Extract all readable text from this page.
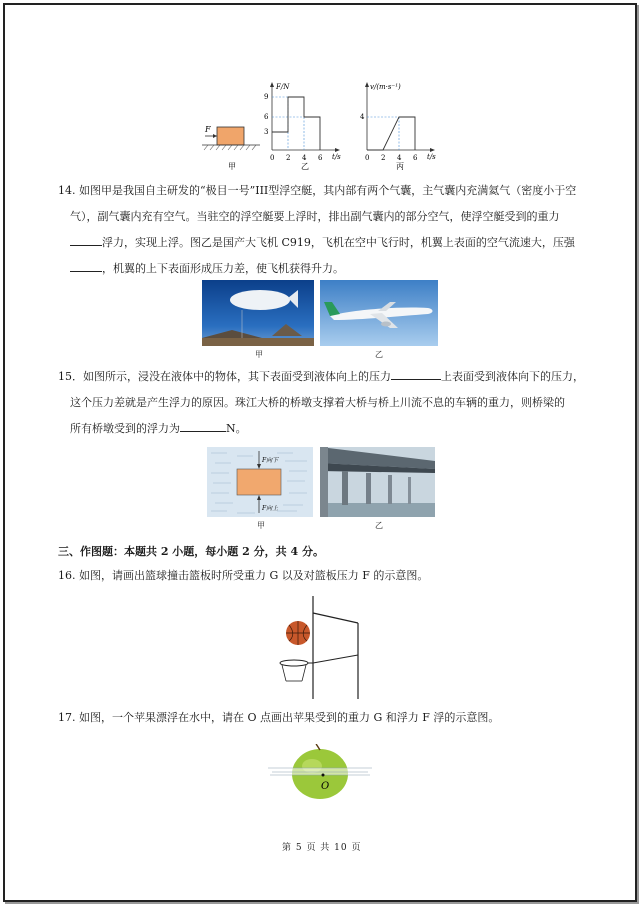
F
F/N
t/s
9
6
3
0 2 4 6
v/(m·s⁻¹)
t/s
4
0 2 4 6
甲	乙	丙
14. 如图甲是我国自主研发的“极目一号”III型浮空艇，其内部有两个气囊，主气囊内充满氦气（密度小于空
气），副气囊内充有空气。当驻空的浮空艇要上浮时，排出副气囊内的部分空气，使浮空艇受到的重力
浮力，实现上浮。图乙是国产大飞机 C919，飞机在空中飞行时，机翼上表面的空气流速大，压强
，机翼的上下表面形成压力差，使飞机获得升力。
甲	乙
15．如图所示，浸没在液体中的物体，其下表面受到液体向上的压力	上表面受到液体向下的压力，
这个压力差就是产生浮力的原因。珠江大桥的桥墩支撑着大桥与桥上川流不息的车辆的重力，则桥梁的
所有桥墩受到的浮力为	N。
F向下
F向上
甲	乙
三、作图题：本题共 2 小题，每小题 2 分，共 4 分。
16. 如图，请画出篮球撞击篮板时所受重力 G 以及对篮板压力 F 的示意图。
17. 如图，一个苹果漂浮在水中，请在 O 点画出苹果受到的重力 G 和浮力 F 浮的示意图。
O
第 5 页 共 10 页
